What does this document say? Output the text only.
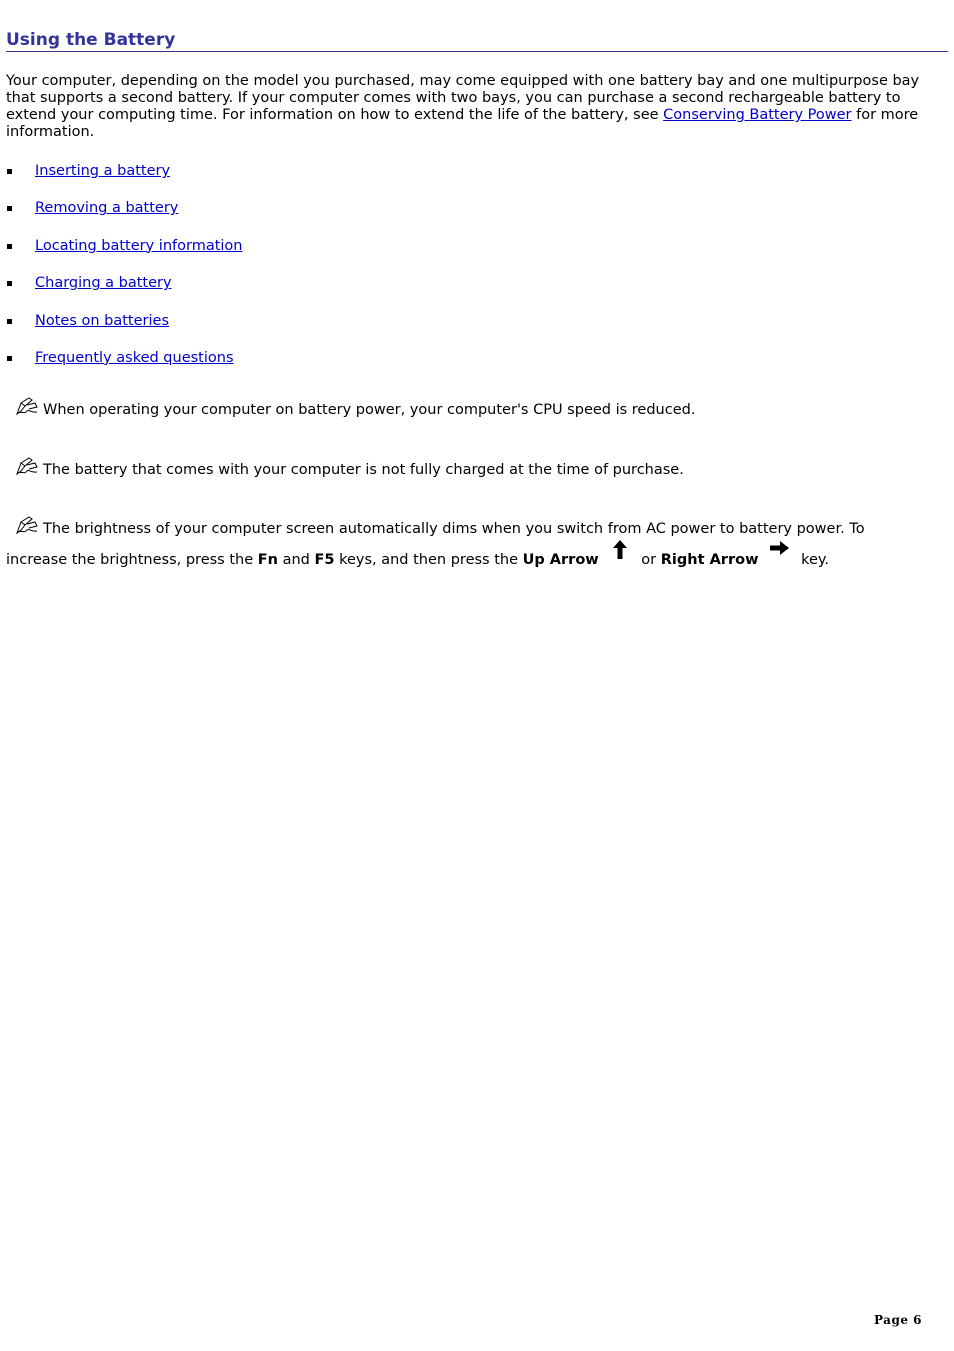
Using the Battery

Your computer, depending on the model you purchased, may come equipped with one battery bay and one multipurpose bay that supports a second battery. If your computer comes with two bays, you can purchase a second rechargeable battery to extend your computing time. For information on how to extend the life of the battery, see Conserving Battery Power for more information.

Inserting a battery
Removing a battery
Locating battery information
Charging a battery
Notes on batteries
Frequently asked questions
When operating your computer on battery power, your computer's CPU speed is reduced.
The battery that comes with your computer is not fully charged at the time of purchase.
The brightness of your computer screen automatically dims when you switch from AC power to battery power. To
increase the brightness, press the Fn and F5 keys, and then press the Up Arrow	or Right Arrow	key.
Page 6
